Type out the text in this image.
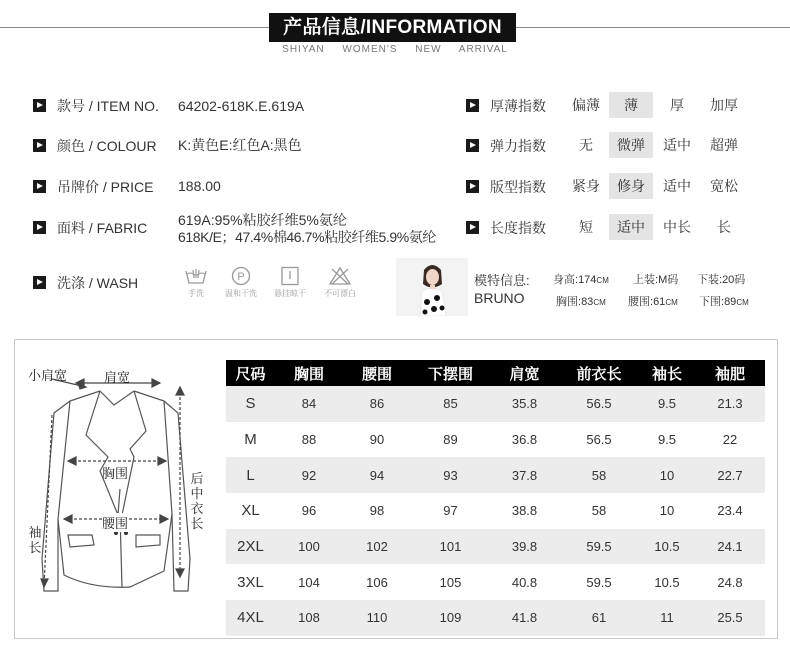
产品信息/INFORMATION
SHIYAN WOMEN'S NEW ARRIVAL
款号 / ITEM NO. 64202-618K.E.619A
颜色 / COLOUR K:黄色E:红色A:黑色
吊牌价 / PRICE 188.00
面料 / FABRIC 619A:95%粘胶纤维5%氨纶
618K/E；47.4%棉46.7%粘胶纤维5.9%氨纶
洗涤 / WASH
手洗
P
温和干洗	悬挂晾干	不可漂白
厚薄指数	偏薄	薄	厚	加厚
弹力指数	无	微弹	适中	超弹
版型指数	紧身	修身	适中	宽松
长度指数	短	适中	中长	长
模特信息:
BRUNO
身高:174CM 上装:M码 下装:20码
胸围:83CM 腰围:61CM 下围:89CM
小肩宽	肩宽
胸围
腰围
后中衣长
袖长
尺码	胸围	腰围	下摆围	肩宽	前衣长	袖长	袖肥
S	84	86	85	35.8	56.5	9.5	21.3
M	88	90	89	36.8	56.5	9.5	22
L	92	94	93	37.8	58	10	22.7
XL	96	98	97	38.8	58	10	23.4
2XL	100	102	101	39.8	59.5	10.5	24.1
3XL	104	106	105	40.8	59.5	10.5	24.8
4XL	108	110	109	41.8	61	11	25.5
